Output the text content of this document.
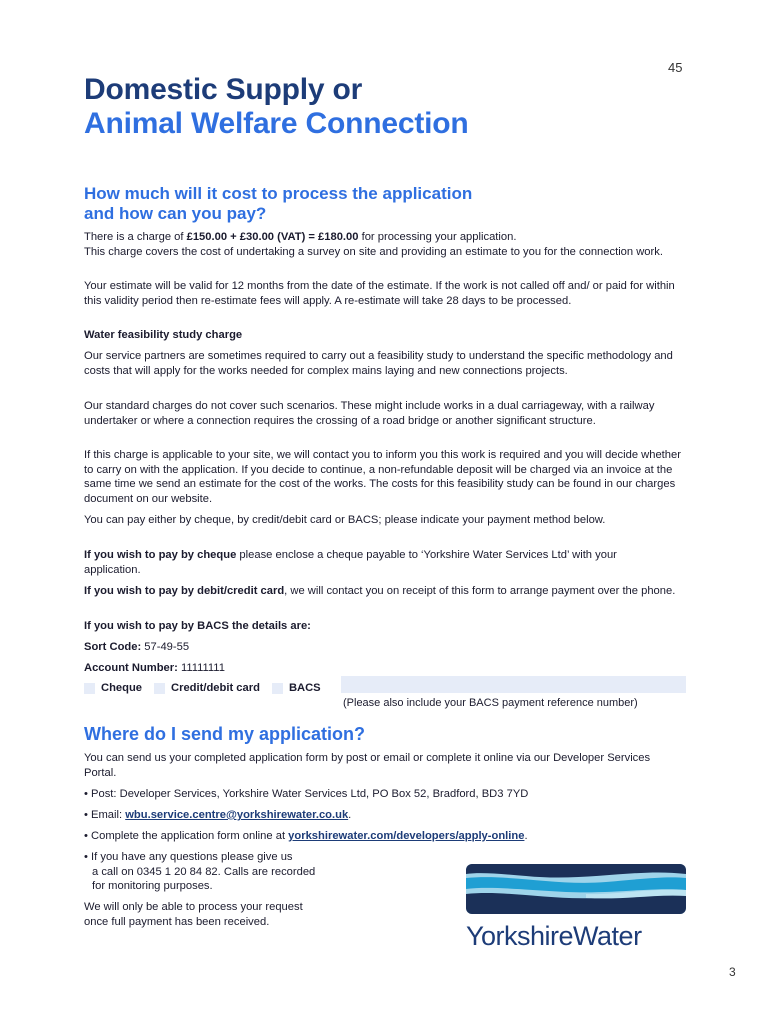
45
Domestic Supply or
Animal Welfare Connection
How much will it cost to process the application
and how can you pay?
There is a charge of £150.00 + £30.00 (VAT) = £180.00 for processing your application.
This charge covers the cost of undertaking a survey on site and providing an estimate to you for the connection work.
Your estimate will be valid for 12 months from the date of the estimate. If the work is not called off and/ or paid for within this validity period then re-estimate fees will apply. A re-estimate will take 28 days to be processed.
Water feasibility study charge
Our service partners are sometimes required to carry out a feasibility study to understand the specific methodology and costs that will apply for the works needed for complex mains laying and new connections projects.
Our standard charges do not cover such scenarios. These might include works in a dual carriageway, with a railway undertaker or where a connection requires the crossing of a road bridge or another significant structure.
If this charge is applicable to your site, we will contact you to inform you this work is required and you will decide whether to carry on with the application. If you decide to continue, a non-refundable deposit will be charged via an invoice at the same time we send an estimate for the cost of the works. The costs for this feasibility study can be found in our charges document on our website.
You can pay either by cheque, by credit/debit card or BACS; please indicate your payment method below.
If you wish to pay by cheque please enclose a cheque payable to ‘Yorkshire Water Services Ltd’ with your application.
If you wish to pay by debit/credit card, we will contact you on receipt of this form to arrange payment over the phone.
If you wish to pay by BACS the details are:
Sort Code: 57-49-55
Account Number: 11111111
Cheque	Credit/debit card	BACS
(Please also include your BACS payment reference number)
Where do I send my application?
You can send us your completed application form by post or email or complete it online via our Developer Services Portal.
• Post: Developer Services, Yorkshire Water Services Ltd, PO Box 52, Bradford, BD3 7YD
• Email: wbu.service.centre@yorkshirewater.co.uk.
• Complete the application form online at yorkshirewater.com/developers/apply-online.
• If you have any questions please give us
a call on 0345 1 20 84 82. Calls are recorded
for monitoring purposes.
We will only be able to process your request
once full payment has been received.	YorkshireWater
3
